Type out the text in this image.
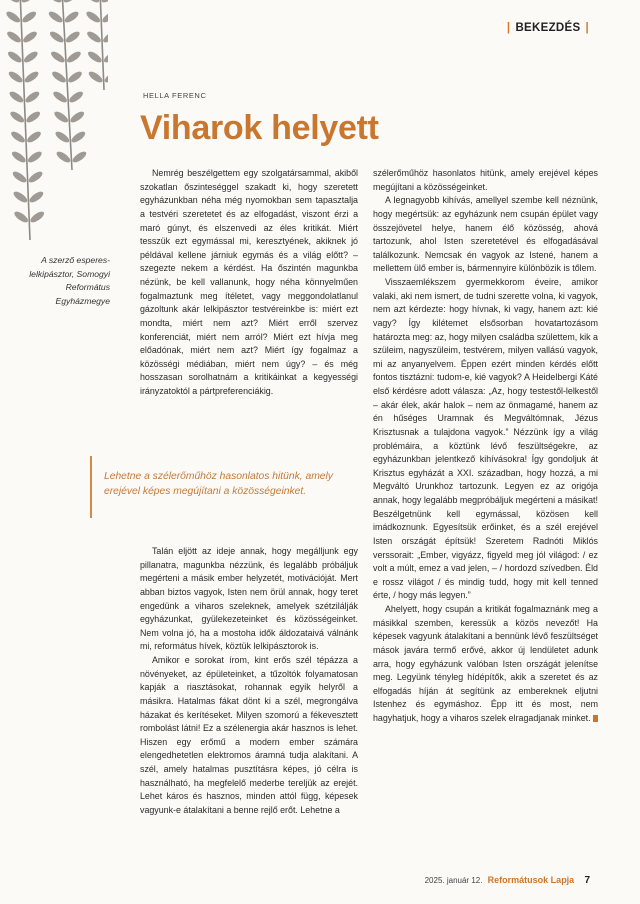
| BEKEZDÉS |
HELLA FERENC
Viharok helyett
A szerző esperes-lelkipásztor, Somogyi Református Egyházmegye

Nemrég beszélgettem egy szolgatársammal, akiből szokatlan őszinteséggel szakadt ki, hogy szeretett egyházunkban néha még nyomokban sem tapasztalja a testvéri szeretetet és az elfogadást, viszont érzi a maró gúnyt, és elszenvedi az éles kritikát. Miért tesszük ezt egymással mi, keresztyének, akiknek jó példával kellene járniuk egymás és a világ előtt? – szegezte nekem a kérdést. Ha őszintén magunkba nézünk, be kell vallanunk, hogy néha könnyelműen fogalmaztunk meg ítéletet, vagy meggondolatlanul gázoltunk akár lelkipásztor testvéreinkbe is: miért ezt mondta, miért nem azt? Miért erről szervez konferenciát, miért nem arról? Miért ezt hívja meg előadónak, miért nem azt? Miért így fogalmaz a közösségi médiában, miért nem úgy? – és még hosszasan sorolhatnám a kritikáinkat a kegyességi irányzatoktól a pártpreferenciákig.

Lehetne a szélerőműhöz hasonlatos hitünk, amely erejével képes megújítani a közösségeinket.

Talán eljött az ideje annak, hogy megálljunk egy pillanatra, magunkba nézzünk, és legalább próbáljuk megérteni a másik ember helyzetét, motivációját. Mert abban biztos vagyok, Isten nem örül annak, hogy teret engedünk a viharos szeleknek, amelyek szétzilálják egyházunkat, gyülekezeteinket és közösségeinket. Nem volna jó, ha a mostoha idők áldozataivá válnánk mi, református hívek, köztük lelkipásztorok is.

Amikor e sorokat írom, kint erős szél tépázza a növényeket, az épületeinket, a tűzoltók folyamatosan kapják a riasztásokat, rohannak egyik helyről a másikra. Hatalmas fákat dönt ki a szél, megrongálva házakat és kerítéseket. Milyen szomorú a fékevesztett rombolást látni! Ez a szélenergia akár hasznos is lehet. Hiszen egy erőmű a modern ember számára elengedhetetlen elektromos áramná tudja alakítani. A szél, amely hatalmas pusztításra képes, jó célra is használható, ha megfelelő mederbe tereljük az erejét. Lehet káros és hasznos, minden attól függ, képesek vagyunk-e átalakítani a benne rejlő erőt. Lehetne a

szélerőműhöz hasonlatos hitünk, amely erejével képes megújítani a közösségeinket.

A legnagyobb kihívás, amellyel szembe kell néznünk, hogy megértsük: az egyházunk nem csupán épület vagy összejövetel helye, hanem élő közösség, ahová tartozunk, ahol Isten szeretetével és elfogadásával találkozunk. Nemcsak én vagyok az Istené, hanem a mellettem ülő ember is, bármennyire különbözik is tőlem.

Visszaemlékszem gyermekkorom éveire, amikor valaki, aki nem ismert, de tudni szerette volna, ki vagyok, nem azt kérdezte: hogy hívnak, ki vagy, hanem azt: kié vagy? Így kilétemet elsősorban hovatartozásom határozta meg: az, hogy milyen családba születtem, kik a szüleim, nagyszüleim, testvérem, milyen vallású vagyok, mi az anyanyelvem. Éppen ezért minden kérdés előtt fontos tisztázni: tudom-e, kié vagyok? A Heidelbergi Káté első kérdésre adott válasza: „Az, hogy testestől-lelkestől – akár élek, akár halok – nem az önmagamé, hanem az én hűséges Uramnak és Megváltómnak, Jézus Krisztusnak a tulajdona vagyok.” Nézzünk így a világ problémáira, a köztünk lévő feszültségekre, az egyházunkban jelentkező kihívásokra! Így gondoljuk át Krisztus egyházát a XXI. században, hogy hozzá, a mi Megváltó Urunkhoz tartozunk. Legyen ez az origója annak, hogy legalább megpróbáljuk megérteni a másikat! Beszélgetnünk kell egymással, közösen kell imádkoznunk. Egyesítsük erőinket, és a szél erejével Isten országát építsük! Szeretem Radnóti Miklós verssorait: „Ember, vigyázz, figyeld meg jól világod: / ez volt a múlt, emez a vad jelen, – / hordozd szívedben. Éld e rossz világot / és mindig tudd, hogy mit kell tenned érte, / hogy más legyen.”

Ahelyett, hogy csupán a kritikát fogalmaznánk meg a másikkal szemben, keressük a közös nevezőt! Ha képesek vagyunk átalakítani a bennünk lévő feszültséget mások javára termő erővé, akkor új lendületet adunk arra, hogy egyházunk valóban Isten országát jelenítse meg. Legyünk tényleg hídépítők, akik a szeretet és az elfogadás híján át segítünk az embereknek eljutni Istenhez és egymáshoz. Épp itt és most, nem hagyhatjuk, hogy a viharos szelek elragadjanak minket.

2025. január 12. Reformátusok Lapja 7
